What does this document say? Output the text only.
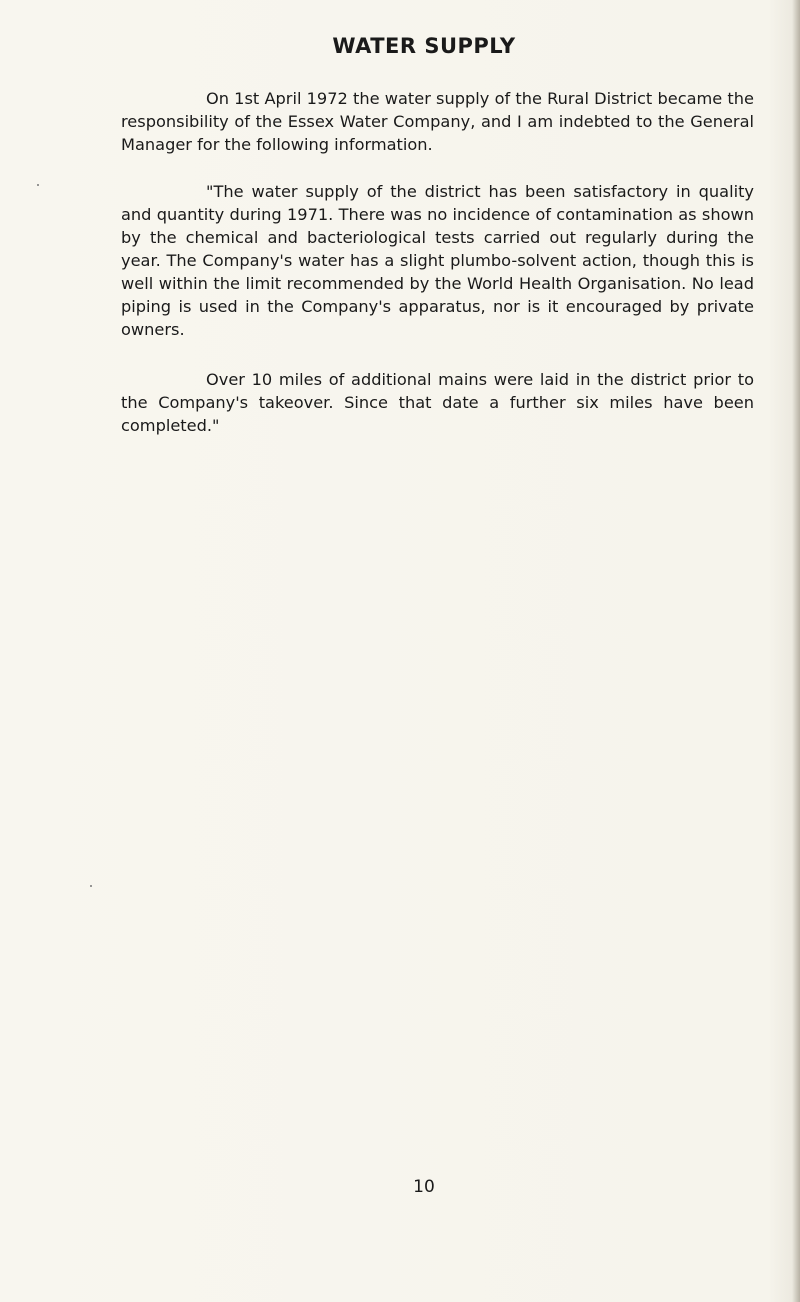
WATER SUPPLY

On 1st April 1972 the water supply of the Rural District became the responsibility of the Essex Water Company, and I am indebted to the General Manager for the following information.

"The water supply of the district has been satisfactory in quality and quantity during 1971. There was no incidence of contamination as shown by the chemical and bacteriological tests carried out regularly during the year. The Company's water has a slight plumbo-solvent action, though this is well within the limit recommended by the World Health Organisation. No lead piping is used in the Company's apparatus, nor is it encouraged by private owners.

Over 10 miles of additional mains were laid in the district prior to the Company's takeover. Since that date a further six miles have been completed."

10
